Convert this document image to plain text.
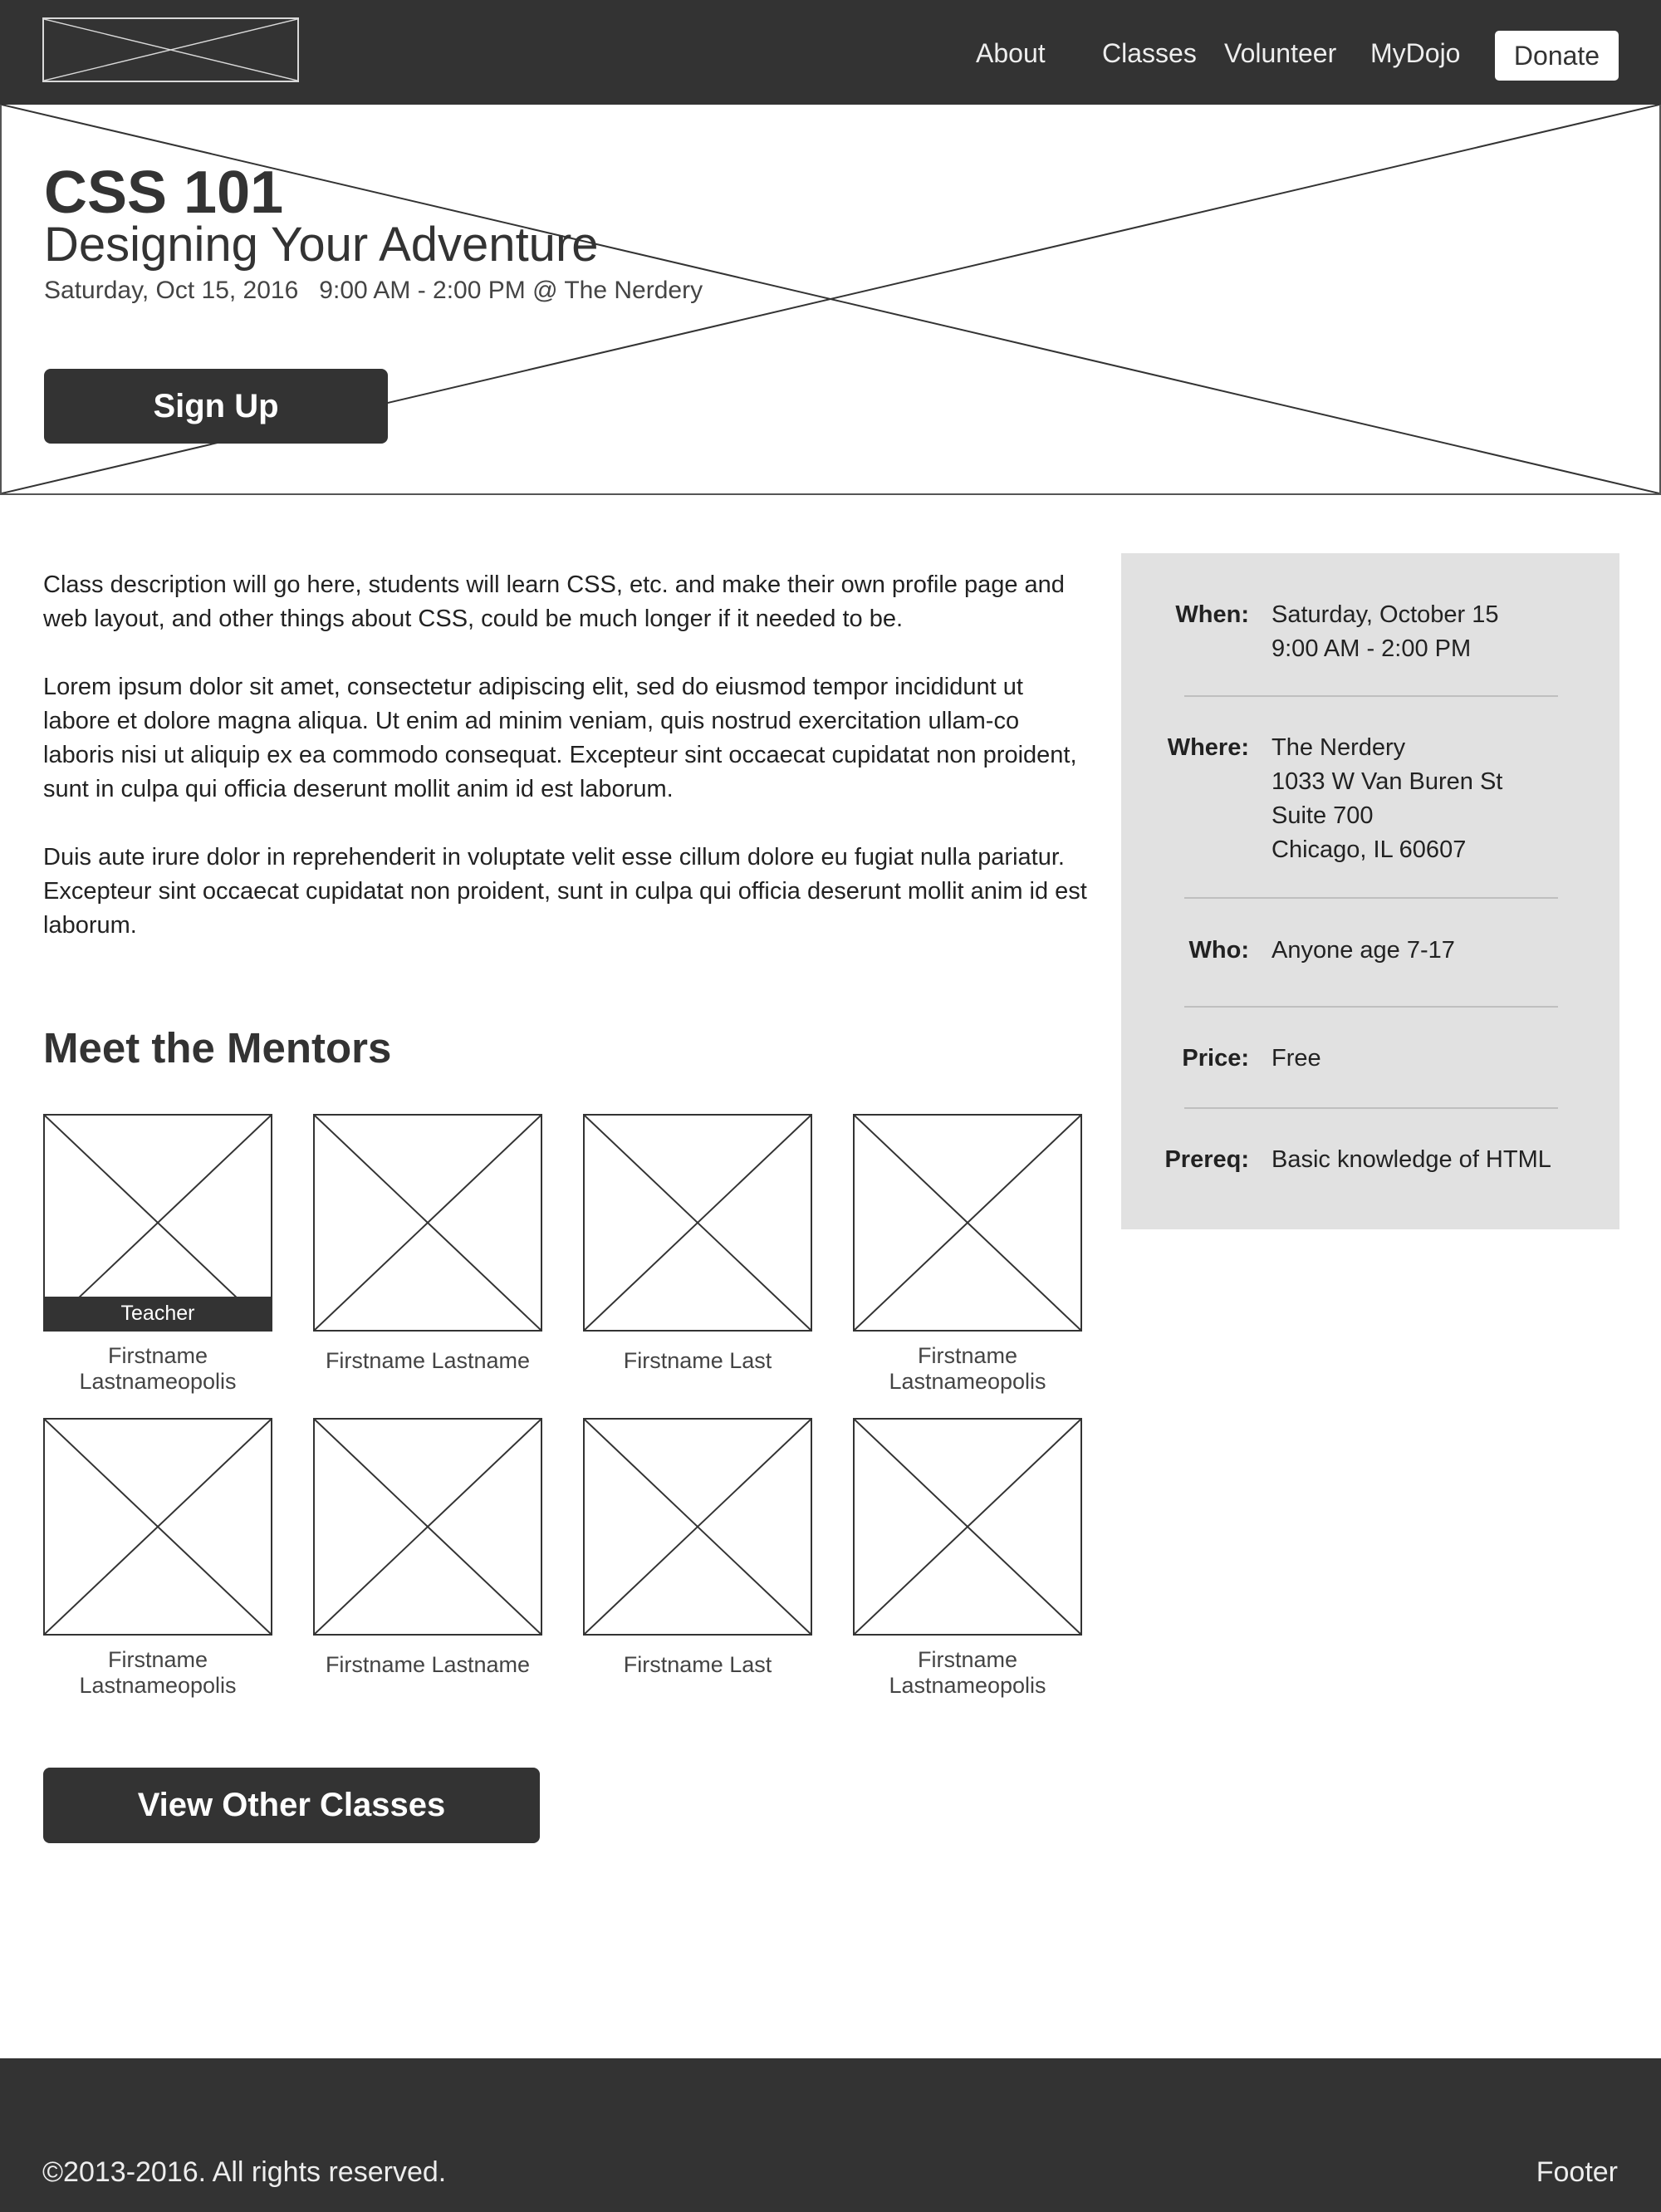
About Classes Volunteer MyDojo	Donate
CSS 101
Designing Your Adventure
Saturday, Oct 15, 2016   9:00 AM - 2:00 PM @ The Nerdery
Sign Up

Class description will go here, students will learn CSS, etc. and make their own profile page and web layout, and other things about CSS, could be much longer if it needed to be.

Lorem ipsum dolor sit amet, consectetur adipiscing elit, sed do eiusmod tempor incididunt ut labore et dolore magna aliqua. Ut enim ad minim veniam, quis nostrud exercitation ullam-co laboris nisi ut aliquip ex ea commodo consequat. Excepteur sint occaecat cupidatat non proident, sunt in culpa qui officia deserunt mollit anim id est laborum.

Duis aute irure dolor in reprehenderit in voluptate velit esse cillum dolore eu fugiat nulla pariatur. Excepteur sint occaecat cupidatat non proident, sunt in culpa qui officia deserunt mollit anim id est laborum.

When: Saturday, October 15
9:00 AM - 2:00 PM
Where: The Nerdery
1033 W Van Buren St
Suite 700
Chicago, IL 60607
Who: Anyone age 7-17
Price: Free
Prereq: Basic knowledge of HTML
Meet the Mentors
Teacher
Firstname Lastnameopolis
Firstname Lastname	Firstname Last	Firstname Lastnameopolis
Firstname Lastnameopolis
Firstname Lastname	Firstname Last	Firstname Lastnameopolis
View Other Classes
©2013-2016. All rights reserved.	Footer
